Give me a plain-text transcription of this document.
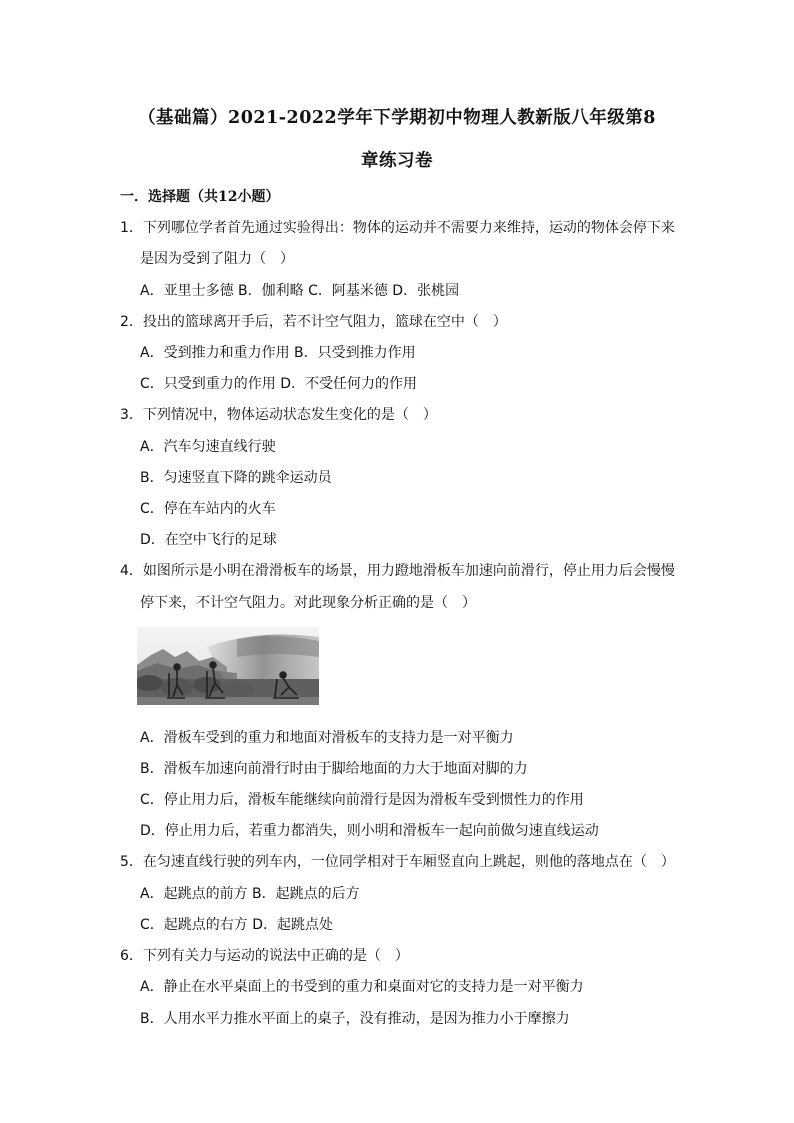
（基础篇）2021-2022学年下学期初中物理人教新版八年级第8
章练习卷
一．选择题（共12小题）
1．下列哪位学者首先通过实验得出：物体的运动并不需要力来维持，运动的物体会停下来
是因为受到了阻力（　）
A．亚里士多德 B．伽利略 C．阿基米德 D．张桃园
2．投出的篮球离开手后，若不计空气阻力，篮球在空中（　）
A．受到推力和重力作用 B．只受到推力作用
C．只受到重力的作用 D．不受任何力的作用
3．下列情况中，物体运动状态发生变化的是（　）
A．汽车匀速直线行驶
B．匀速竖直下降的跳伞运动员
C．停在车站内的火车
D．在空中飞行的足球
4．如图所示是小明在滑滑板车的场景，用力蹬地滑板车加速向前滑行，停止用力后会慢慢
停下来，不计空气阻力。对此现象分析正确的是（　）
A．滑板车受到的重力和地面对滑板车的支持力是一对平衡力
B．滑板车加速向前滑行时由于脚给地面的力大于地面对脚的力
C．停止用力后，滑板车能继续向前滑行是因为滑板车受到惯性力的作用
D．停止用力后，若重力都消失，则小明和滑板车一起向前做匀速直线运动
5．在匀速直线行驶的列车内，一位同学相对于车厢竖直向上跳起，则他的落地点在（　）
A．起跳点的前方 B．起跳点的后方
C．起跳点的右方 D．起跳点处
6．下列有关力与运动的说法中正确的是（　）
A．静止在水平桌面上的书受到的重力和桌面对它的支持力是一对平衡力
B．人用水平力推水平面上的桌子，没有推动，是因为推力小于摩擦力
